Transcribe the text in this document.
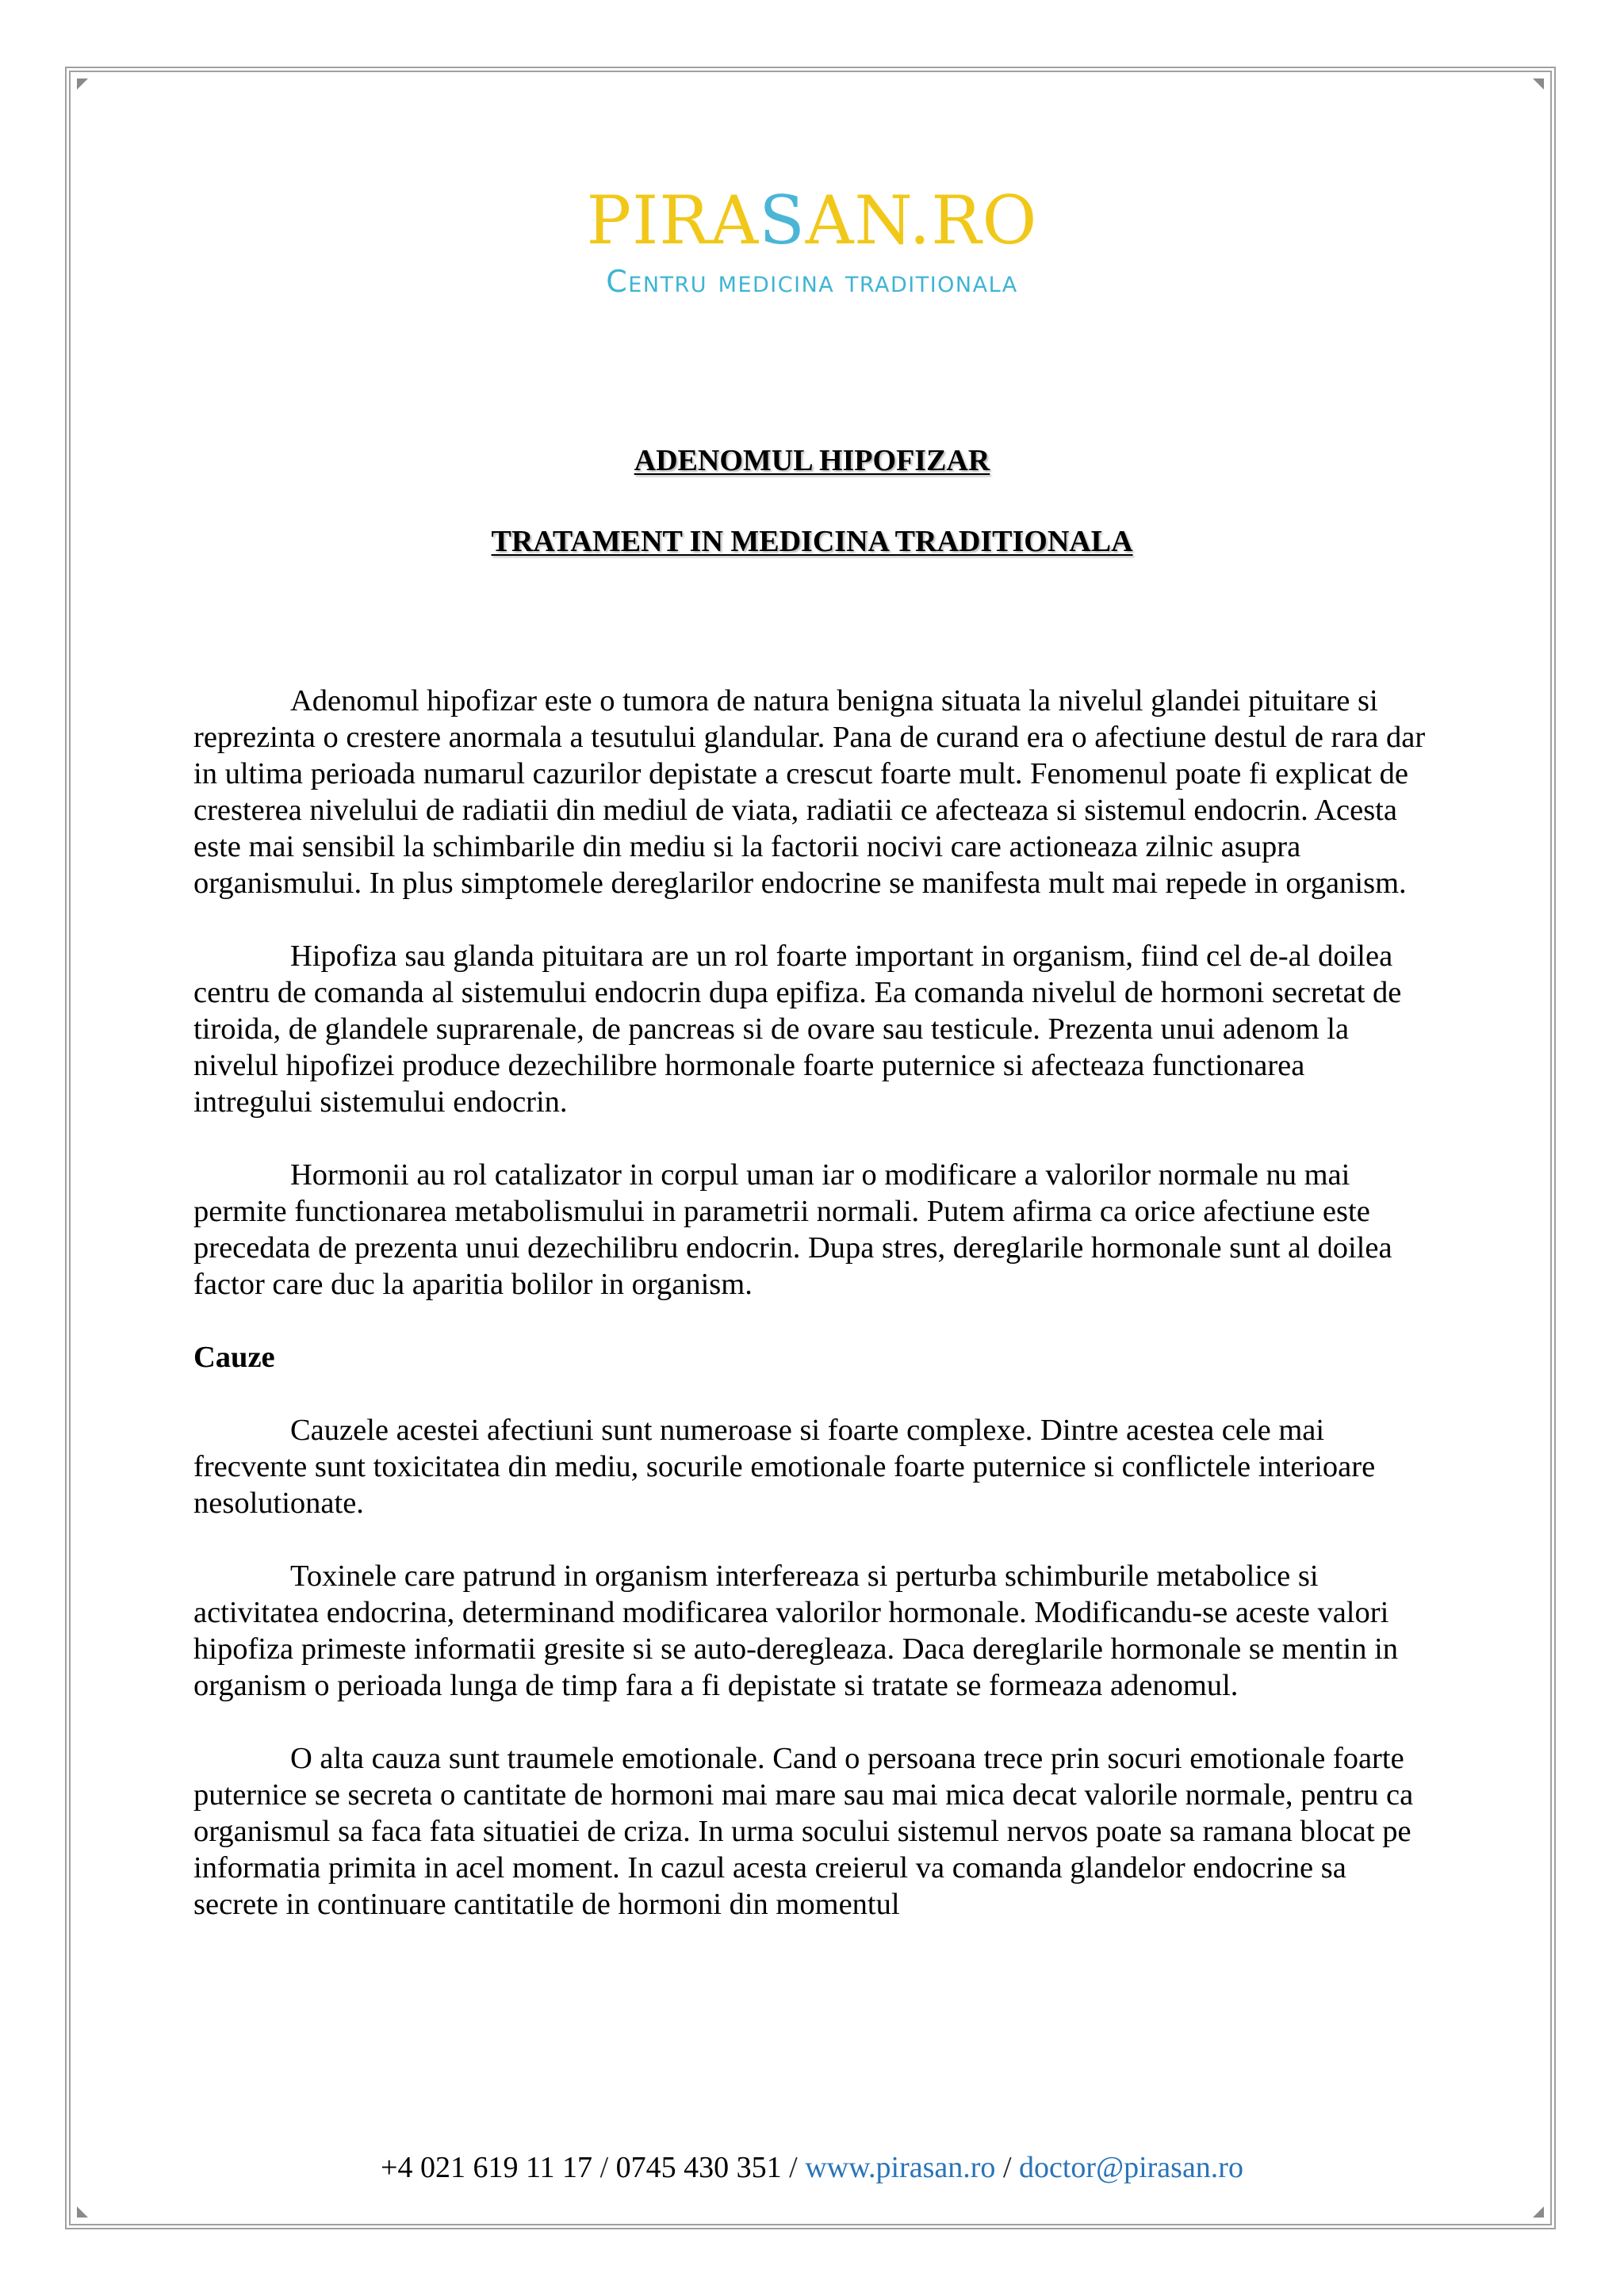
PIRASAN.RO
Centru medicina traditionala
ADENOMUL HIPOFIZAR
TRATAMENT IN MEDICINA TRADITIONALA

Adenomul hipofizar este o tumora de natura benigna situata la nivelul glandei pituitare si reprezinta o crestere anormala a tesutului glandular. Pana de curand era o afectiune destul de rara dar in ultima perioada numarul cazurilor depistate a crescut foarte mult. Fenomenul poate fi explicat de cresterea nivelului de radiatii din mediul de viata, radiatii ce afecteaza si sistemul endocrin. Acesta este mai sensibil la schimbarile din mediu si la factorii nocivi care actioneaza zilnic asupra organismului. In plus simptomele dereglarilor endocrine se manifesta mult mai repede in organism.

Hipofiza sau glanda pituitara are un rol foarte important in organism, fiind cel de-al doilea centru de comanda al sistemului endocrin dupa epifiza. Ea comanda nivelul de hormoni secretat de tiroida, de glandele suprarenale, de pancreas si de ovare sau testicule. Prezenta unui adenom la nivelul hipofizei produce dezechilibre hormonale foarte puternice si afecteaza functionarea intregului sistemului endocrin.

Hormonii au rol catalizator in corpul uman iar o modificare a valorilor normale nu mai permite functionarea metabolismului in parametrii normali. Putem afirma ca orice afectiune este precedata de prezenta unui dezechilibru endocrin. Dupa stres, dereglarile hormonale sunt al doilea factor care duc la aparitia bolilor in organism.

Cauze

Cauzele acestei afectiuni sunt numeroase si foarte complexe. Dintre acestea cele mai frecvente sunt toxicitatea din mediu, socurile emotionale foarte puternice si conflictele interioare nesolutionate.

Toxinele care patrund in organism interfereaza si perturba schimburile metabolice si activitatea endocrina, determinand modificarea valorilor hormonale. Modificandu-se aceste valori hipofiza primeste informatii gresite si se auto-deregleaza. Daca dereglarile hormonale se mentin in organism o perioada lunga de timp fara a fi depistate si tratate se formeaza adenomul.

O alta cauza sunt traumele emotionale. Cand o persoana trece prin socuri emotionale foarte puternice se secreta o cantitate de hormoni mai mare sau mai mica decat valorile normale, pentru ca organismul sa faca fata situatiei de criza. In urma socului sistemul nervos poate sa ramana blocat pe informatia primita in acel moment. In cazul acesta creierul va comanda glandelor endocrine sa secrete in continuare cantitatile de hormoni din momentul

+4 021 619 11 17 / 0745 430 351 / www.pirasan.ro / doctor@pirasan.ro
